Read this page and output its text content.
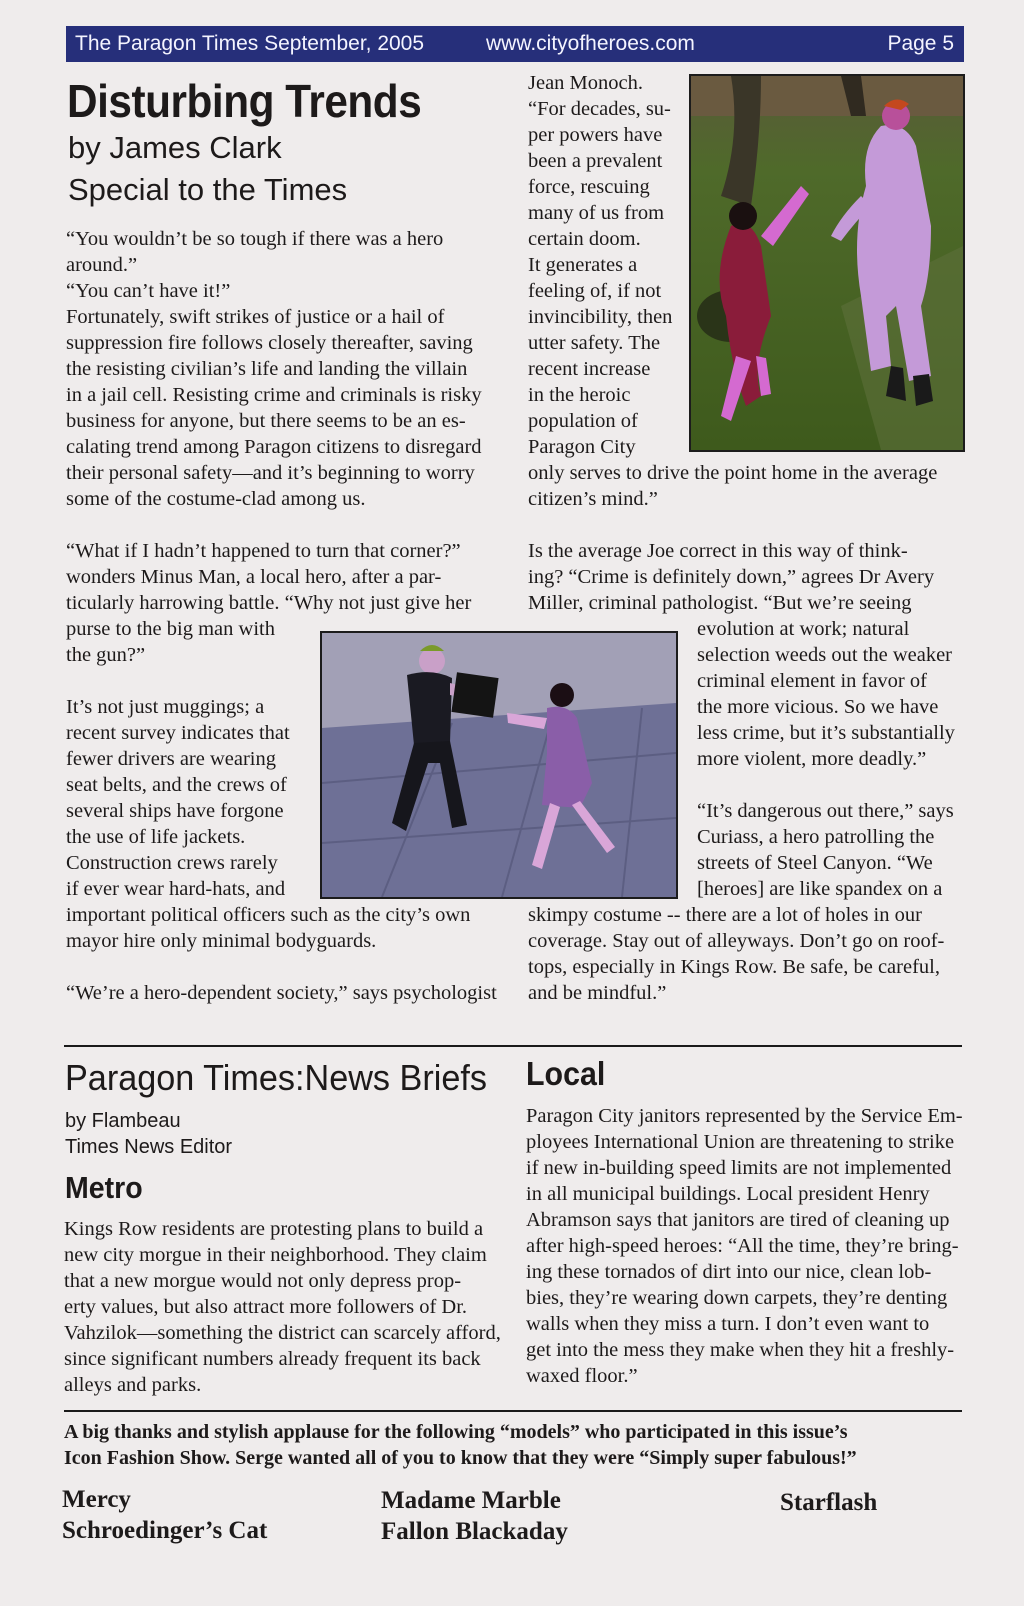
The Paragon Times September, 2005	www.cityofheroes.com	Page 5
Disturbing Trends
by James Clark
Special to the Times
“You wouldn’t be so tough if there was a hero
around.”
“You can’t have it!”
Fortunately, swift strikes of justice or a hail of
suppression fire follows closely thereafter, saving
the resisting civilian’s life and landing the villain
in a jail cell. Resisting crime and criminals is risky
business for anyone, but there seems to be an es-
calating trend among Paragon citizens to disregard
their personal safety—and it’s beginning to worry
some of the costume-clad among us.
“What if I hadn’t happened to turn that corner?”
wonders Minus Man, a local hero, after a par-
ticularly harrowing battle. “Why not just give her
purse to the big man with
the gun?”
It’s not just muggings; a
recent survey indicates that
fewer drivers are wearing
seat belts, and the crews of
several ships have forgone
the use of life jackets.
Construction crews rarely
if ever wear hard-hats, and
important political officers such as the city’s own
mayor hire only minimal bodyguards.
“We’re a hero-dependent society,” says psychologist
Jean Monoch.
“For decades, su-
per powers have
been a prevalent
force, rescuing
many of us from
certain doom.
It generates a
feeling of, if not
invincibility, then
utter safety. The
recent increase
in the heroic
population of
Paragon City
only serves to drive the point home in the average
citizen’s mind.”
Is the average Joe correct in this way of think-
ing? “Crime is definitely down,” agrees Dr Avery
Miller, criminal pathologist. “But we’re seeing
evolution at work; natural
selection weeds out the weaker
criminal element in favor of
the more vicious. So we have
less crime, but it’s substantially
more violent, more deadly.”
“It’s dangerous out there,” says
Curiass, a hero patrolling the
streets of Steel Canyon. “We
[heroes] are like spandex on a
skimpy costume -- there are a lot of holes in our
coverage. Stay out of alleyways. Don’t go on roof-
tops, especially in Kings Row. Be safe, be careful,
and be mindful.”
Paragon Times:News Briefs
by Flambeau
Times News Editor
Metro
Kings Row residents are protesting plans to build a
new city morgue in their neighborhood. They claim
that a new morgue would not only depress prop-
erty values, but also attract more followers of Dr.
Vahzilok—something the district can scarcely afford,
since significant numbers already frequent its back
alleys and parks.
Local
Paragon City janitors represented by the Service Em-
ployees International Union are threatening to strike
if new in-building speed limits are not implemented
in all municipal buildings. Local president Henry
Abramson says that janitors are tired of cleaning up
after high-speed heroes: “All the time, they’re bring-
ing these tornados of dirt into our nice, clean lob-
bies, they’re wearing down carpets, they’re denting
walls when they miss a turn. I don’t even want to
get into the mess they make when they hit a freshly-
waxed floor.”
A big thanks and stylish applause for the following “models” who participated in this issue’s
Icon Fashion Show. Serge wanted all of you to know that they were “Simply super fabulous!”
Mercy
Schroedinger’s Cat
Madame Marble
Fallon Blackaday
Starflash
